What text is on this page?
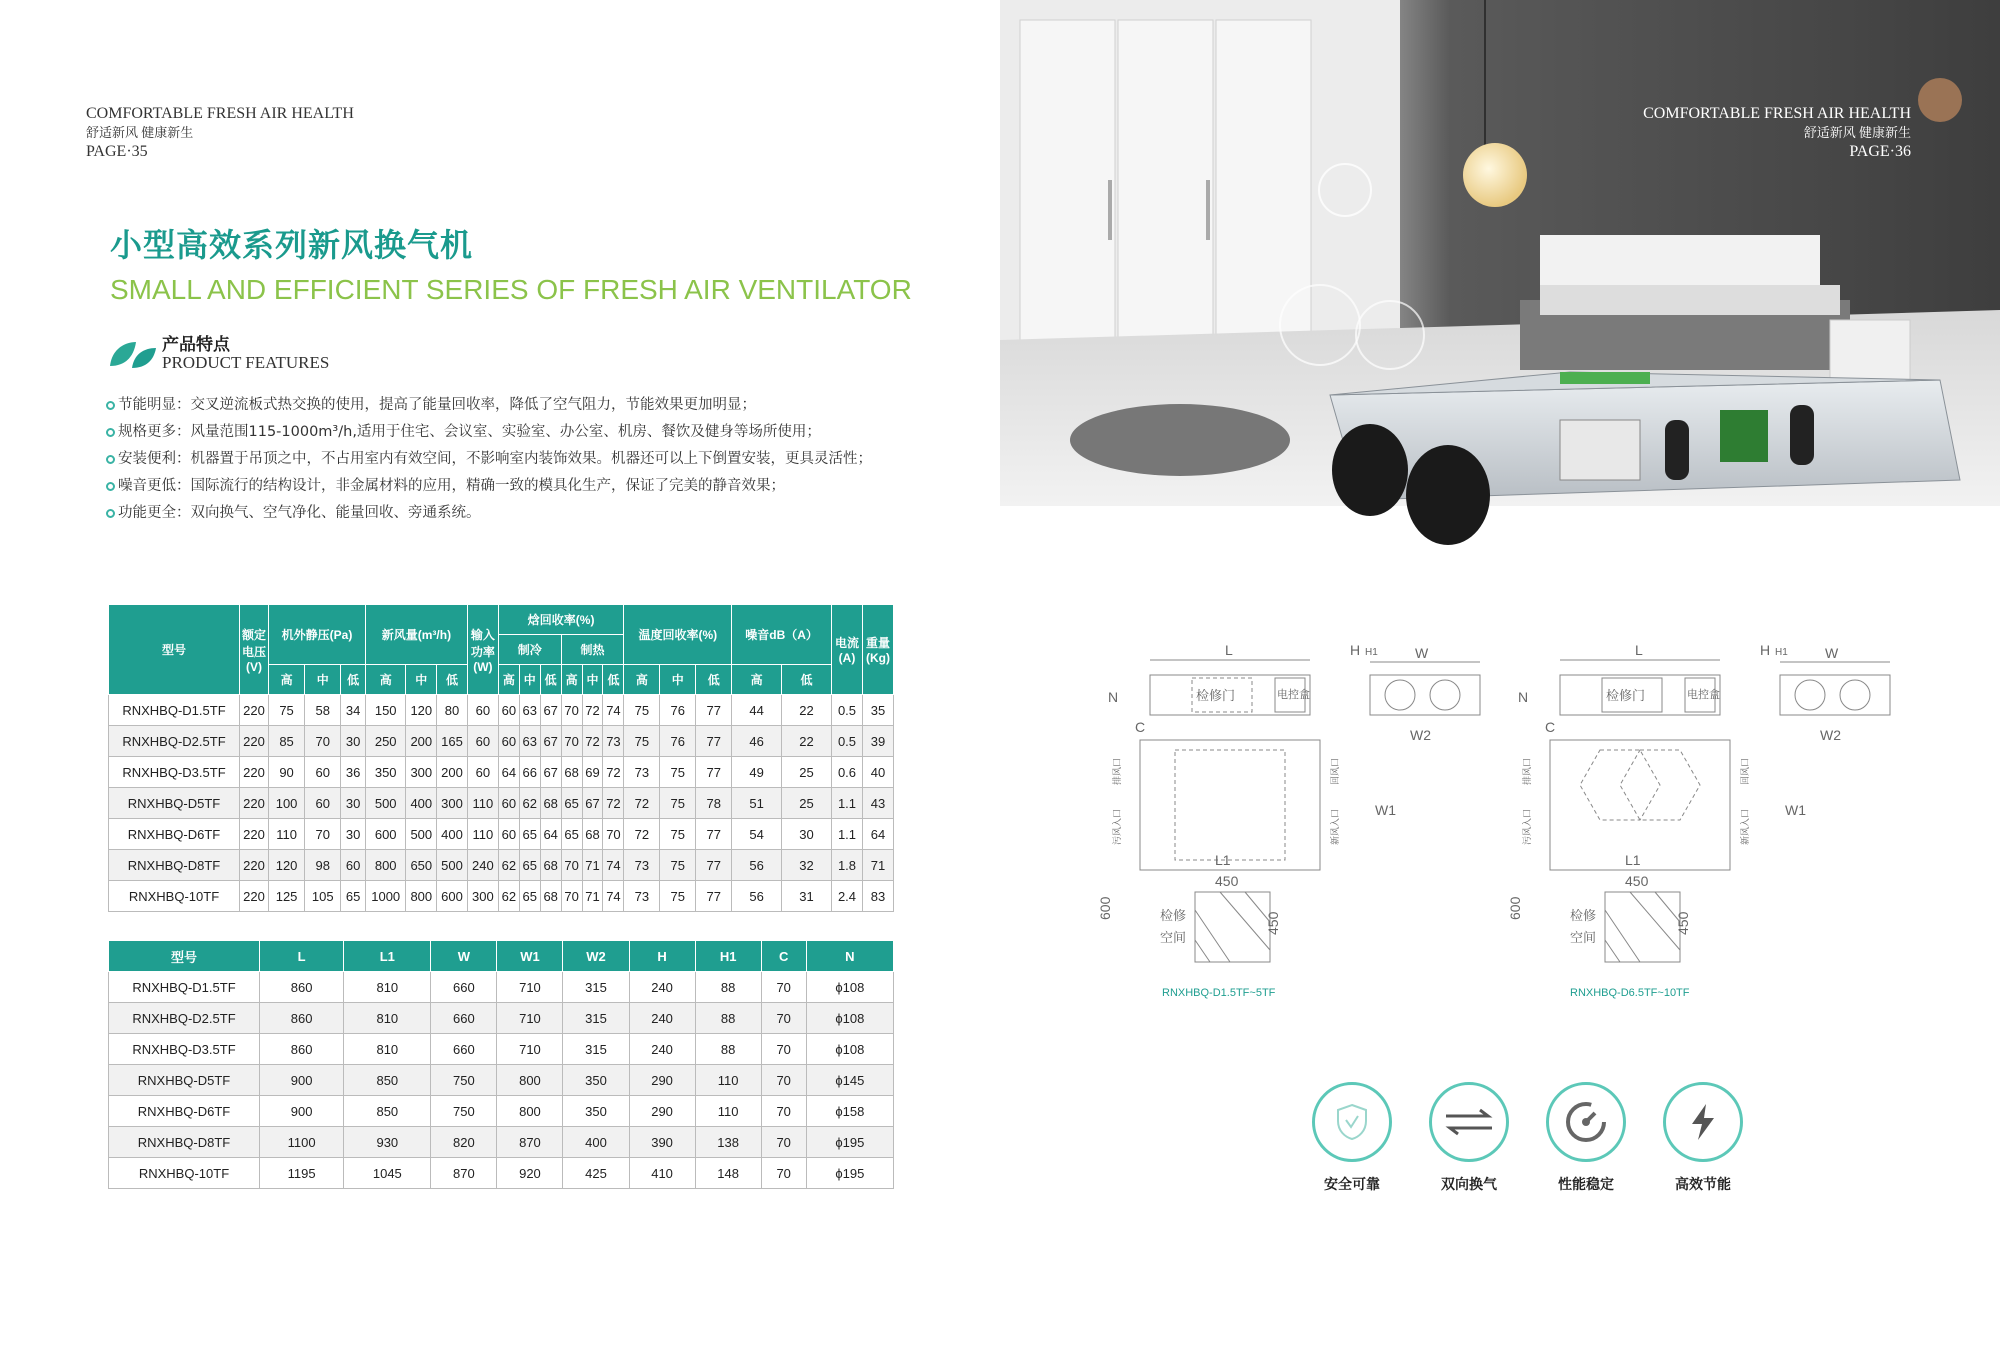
COMFORTABLE FRESH AIR HEALTH
舒适新风 健康新生
PAGE·35
小型高效系列新风换气机
SMALL AND EFFICIENT SERIES OF FRESH AIR VENTILATOR
产品特点
PRODUCT FEATURES
节能明显：交叉逆流板式热交换的使用，提高了能量回收率，降低了空气阻力，节能效果更加明显；
规格更多：风量范围115-1000m³/h,适用于住宅、会议室、实验室、办公室、机房、餐饮及健身等场所使用；
安装便利：机器置于吊顶之中，不占用室内有效空间，不影响室内装饰效果。机器还可以上下倒置安装，更具灵活性；
噪音更低：国际流行的结构设计，非金属材料的应用，精确一致的模具化生产，保证了完美的静音效果；
功能更全：双向换气、空气净化、能量回收、旁通系统。
型号	额定电压(V)	机外静压(Pa)			新风量(m³/h)			输入功率(W)	焓回收率(%)						温度回收率(%)			噪音dB（A）		电流(A)	重量(Kg)
									制冷			制热									
		高	中	低	高	中	低		高	中	低	高	中	低	高	中	低	高	低		
RNXHBQ-D1.5TF	220	75	58	34	150	120	80	60	60	63	67	70	72	74	75	76	77	44	22	0.5	35
RNXHBQ-D2.5TF	220	85	70	30	250	200	165	60	60	63	67	70	72	73	75	76	77	46	22	0.5	39
RNXHBQ-D3.5TF	220	90	60	36	350	300	200	60	64	66	67	68	69	72	73	75	77	49	25	0.6	40
RNXHBQ-D5TF	220	100	60	30	500	400	300	110	60	62	68	65	67	72	72	75	78	51	25	1.1	43
RNXHBQ-D6TF	220	110	70	30	600	500	400	110	60	65	64	65	68	70	72	75	77	54	30	1.1	64
RNXHBQ-D8TF	220	120	98	60	800	650	500	240	62	65	68	70	71	74	73	75	77	56	32	1.8	71
RNXHBQ-10TF	220	125	105	65	1000	800	600	300	62	65	68	70	71	74	73	75	77	56	31	2.4	83
型号	L	L1	W	W1	W2	H	H1	C	N
RNXHBQ-D1.5TF	860	810	660	710	315	240	88	70	ϕ108
RNXHBQ-D2.5TF	860	810	660	710	315	240	88	70	ϕ108
RNXHBQ-D3.5TF	860	810	660	710	315	240	88	70	ϕ108
RNXHBQ-D5TF	900	850	750	800	350	290	110	70	ϕ145
RNXHBQ-D6TF	900	850	750	800	350	290	110	70	ϕ158
RNXHBQ-D8TF	1100	930	820	870	400	390	138	70	ϕ195
RNXHBQ-10TF	1195	1045	870	920	425	410	148	70	ϕ195
COMFORTABLE FRESH AIR HEALTH
舒适新风 健康新生
PAGE·36
L
检修门	电控盒
N
C
H H1	W
W2
W1
排风口
污风入口
回风口
新风入口
L1
450
450
检修
空间
600
RNXHBQ-D1.5TF~5TF
L
检修门	电控盒
N
C
H H1	W
W2
W1
排风口
污风入口
回风口
新风入口
L1
450
450
检修
空间
600
RNXHBQ-D6.5TF~10TF
安全可靠	双向换气	性能稳定	高效节能
